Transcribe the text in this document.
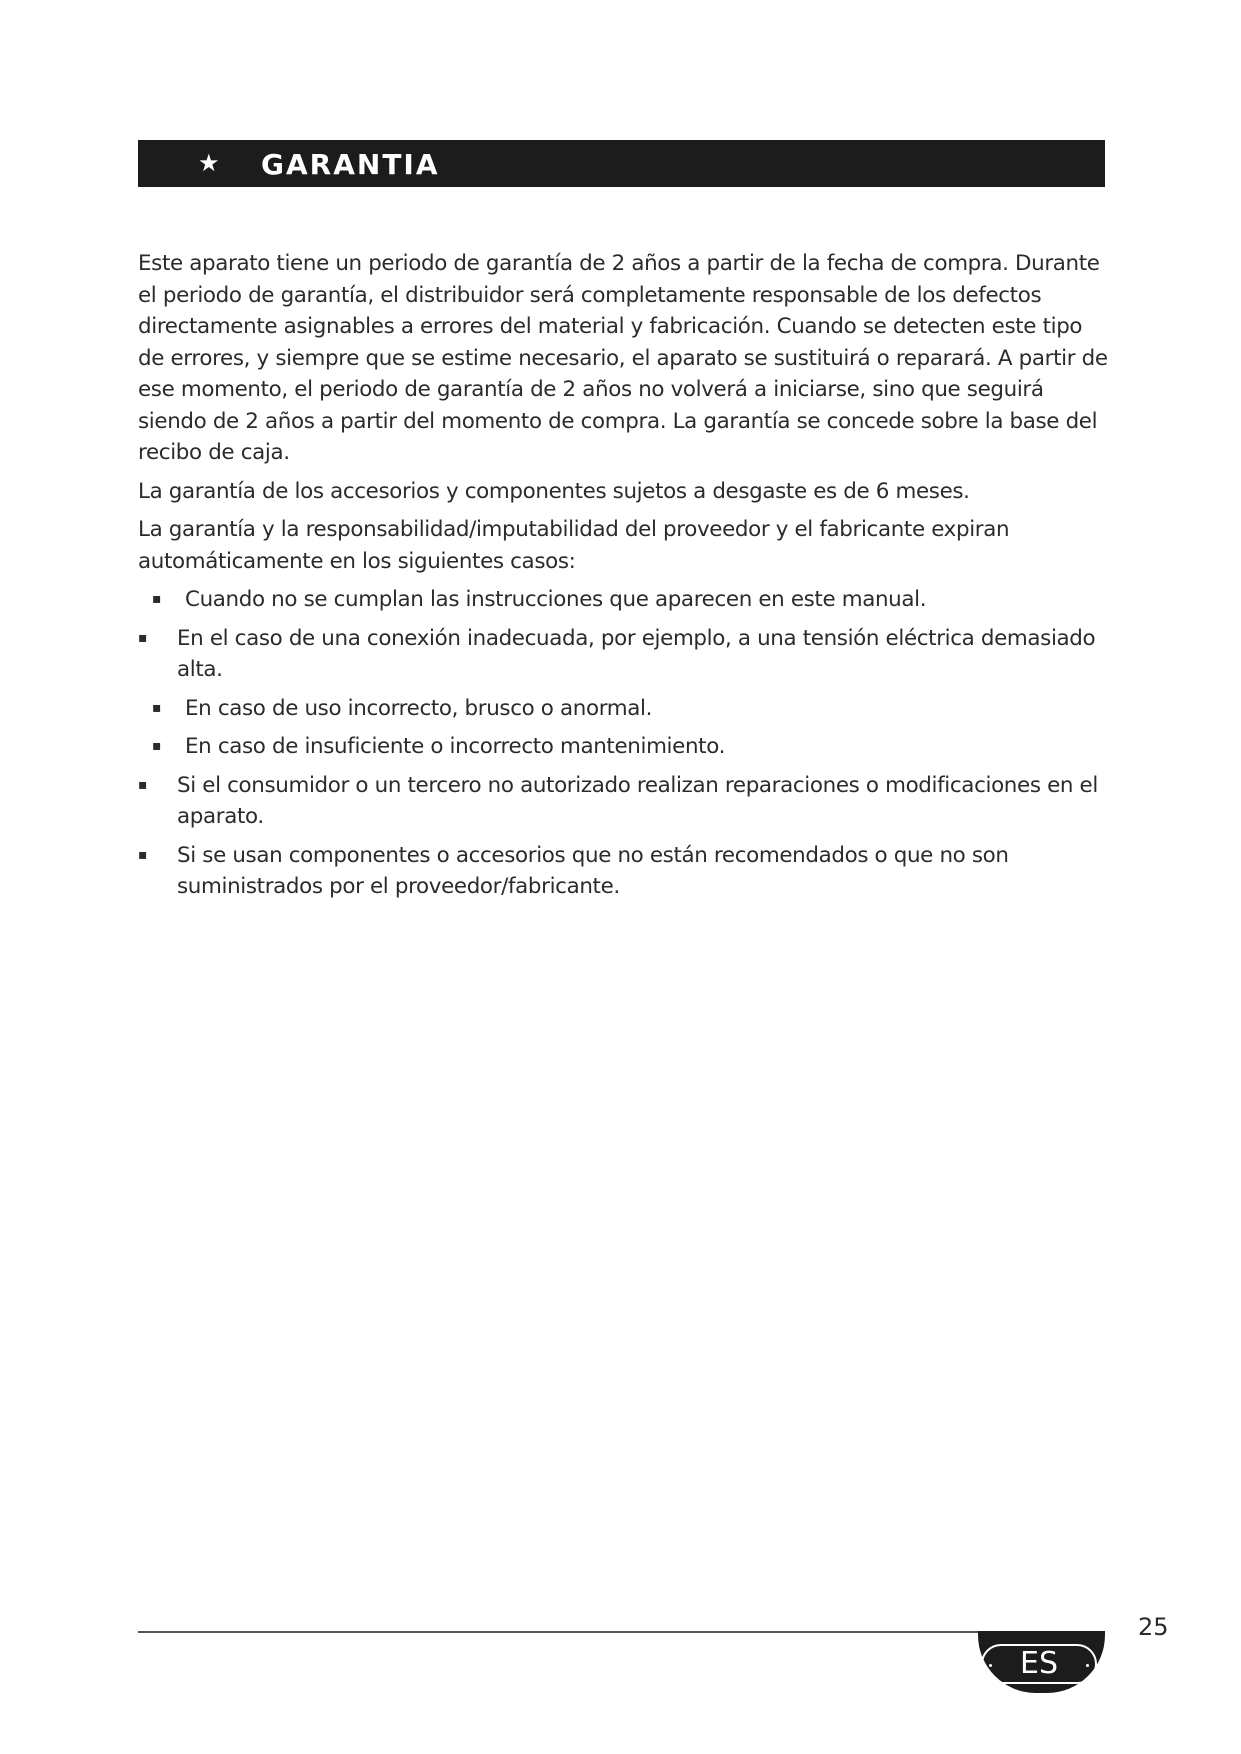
★ GARANTIA

Este aparato tiene un periodo de garantía de 2 años a partir de la fecha de compra. Durante el periodo de garantía, el distribuidor será completamente responsable de los defectos directamente asignables a errores del material y fabricación. Cuando se detecten este tipo de errores, y siempre que se estime necesario, el aparato se sustituirá o reparará. A partir de ese momento, el periodo de garantía de 2 años no volverá a iniciarse, sino que seguirá siendo de 2 años a partir del momento de compra. La garantía se concede sobre la base del recibo de caja.

La garantía de los accesorios y componentes sujetos a desgaste es de 6 meses.

La garantía y la responsabilidad/imputabilidad del proveedor y el fabricante expiran automáticamente en los siguientes casos:

▪ Cuando no se cumplan las instrucciones que aparecen en este manual.
▪ En el caso de una conexión inadecuada, por ejemplo, a una tensión eléctrica demasiado alta.
▪ En caso de uso incorrecto, brusco o anormal.
▪ En caso de insuficiente o incorrecto mantenimiento.
▪ Si el consumidor o un tercero no autorizado realizan reparaciones o modificaciones en el aparato.
▪ Si se usan componentes o accesorios que no están recomendados o que no son suministrados por el proveedor/fabricante.
ES
25
